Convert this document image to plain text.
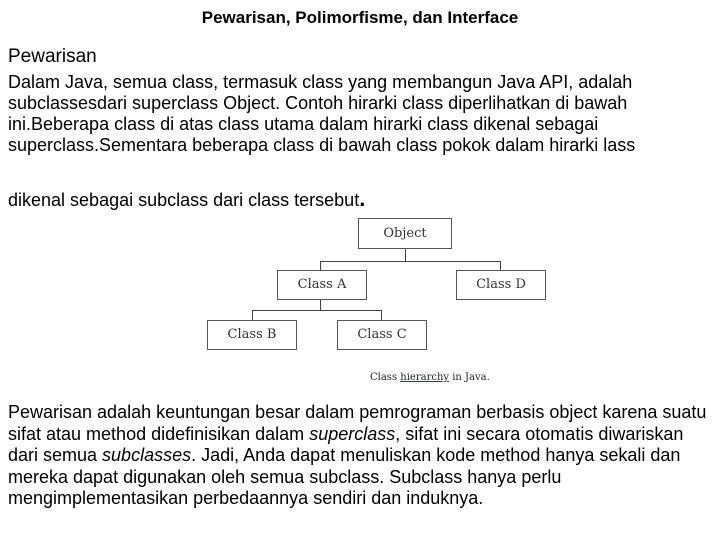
Pewarisan, Polimorfisme, dan Interface
Pewarisan
Dalam Java, semua class, termasuk class yang membangun Java API, adalah subclassesdari superclass Object. Contoh hirarki class diperlihatkan di bawah ini.Beberapa class di atas class utama dalam hirarki class dikenal sebagai superclass.Sementara beberapa class di bawah class pokok dalam hirarki lass
dikenal sebagai subclass dari class tersebut.
Object
Class A	Class D
Class B	Class C
Class hierarchy in Java.
Pewarisan adalah keuntungan besar dalam pemrograman berbasis object karena suatu sifat atau method didefinisikan dalam superclass, sifat ini secara otomatis diwariskan dari semua subclasses. Jadi, Anda dapat menuliskan kode method hanya sekali dan mereka dapat digunakan oleh semua subclass. Subclass hanya perlu mengimplementasikan perbedaannya sendiri dan induknya.
